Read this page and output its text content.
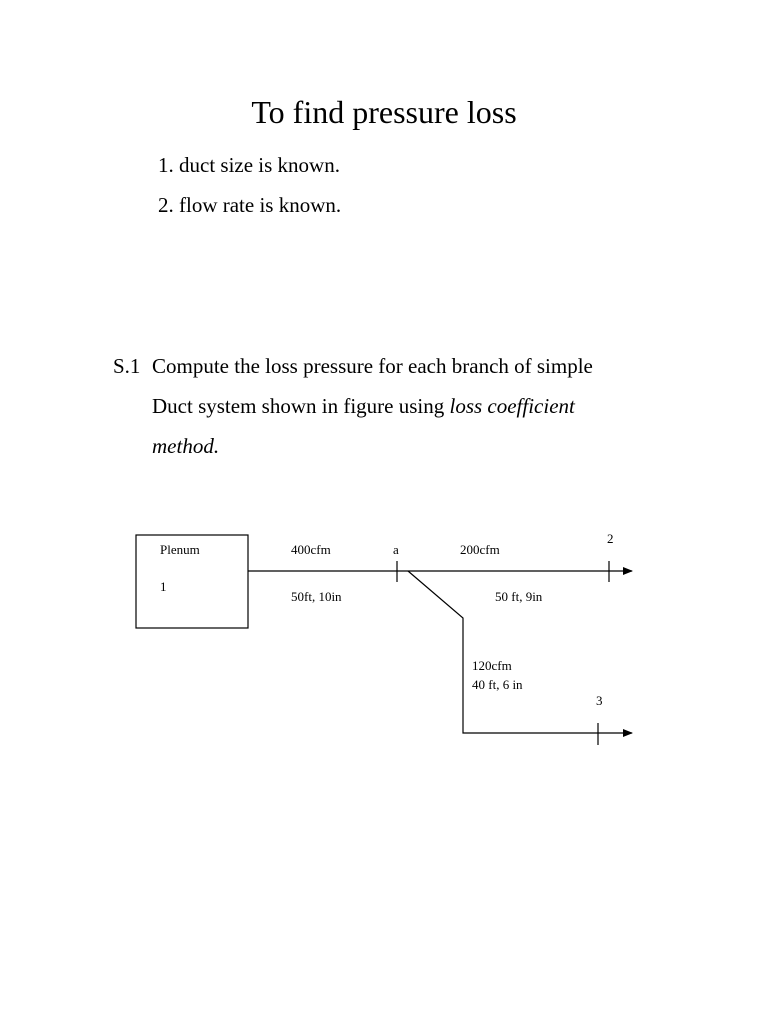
To find pressure loss
1. duct size is known.
2. flow rate is known.
S.1 Compute the loss pressure for each branch of simple
Duct system shown in figure using loss coefficient
method.
Plenum
1
400cfm
50ft, 10in
a	200cfm
50 ft, 9in
2
120cfm
40 ft, 6 in
3
